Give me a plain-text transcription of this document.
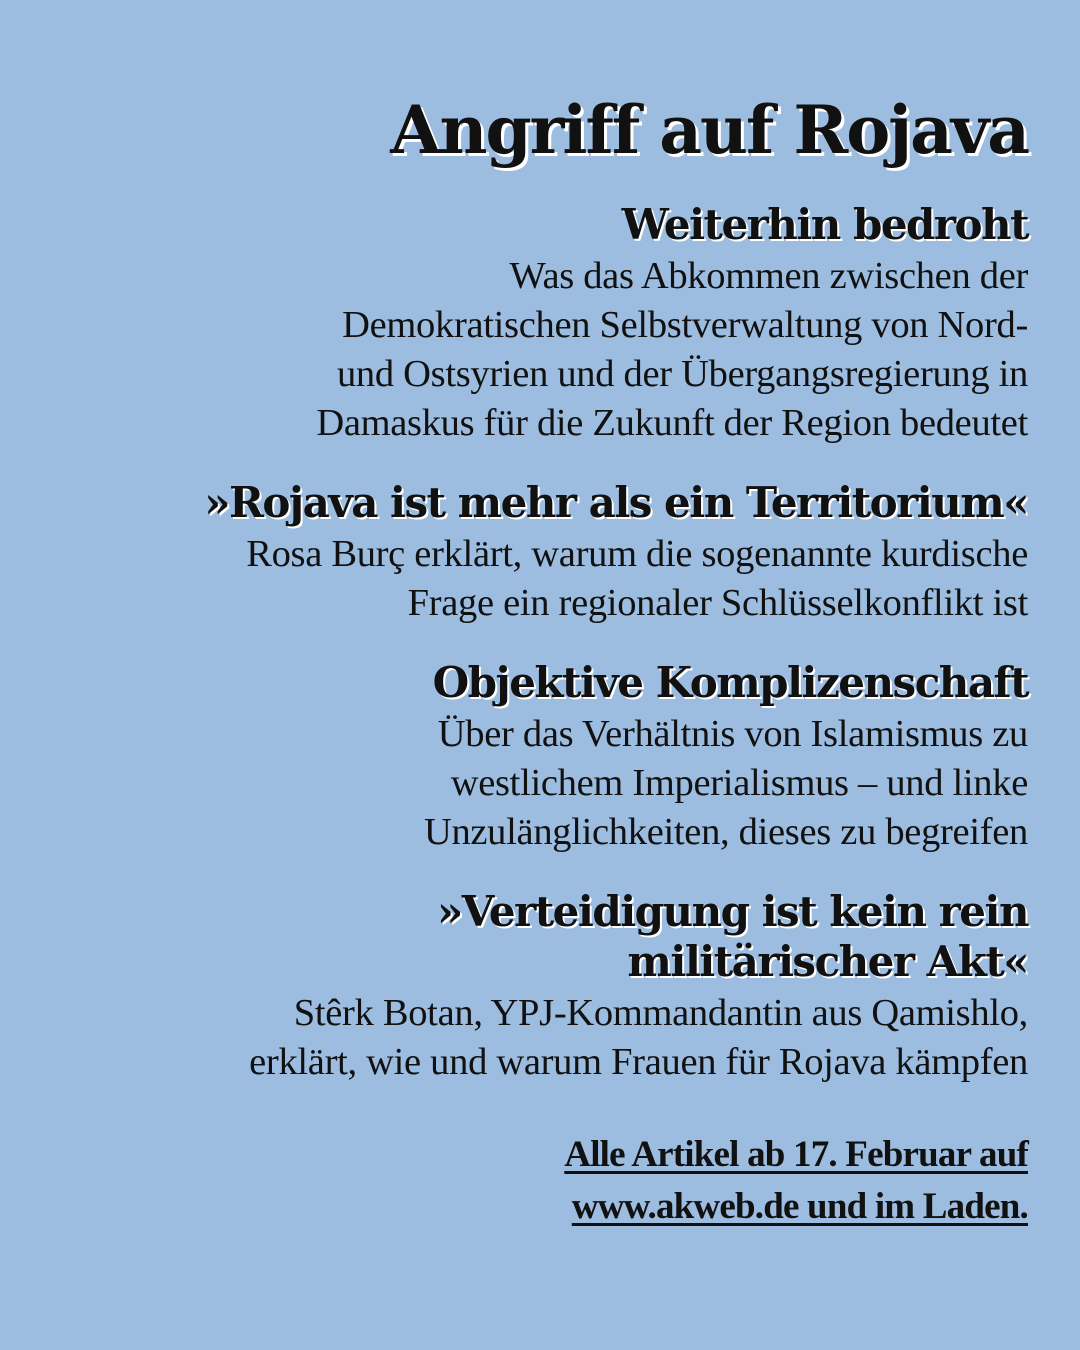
Angriff auf Rojava
Weiterhin bedroht

Was das Abkommen zwischen der
Demokratischen Selbstverwaltung von Nord-
und Ostsyrien und der Übergangsregierung in
Damaskus für die Zukunft der Region bedeutet

»Rojava ist mehr als ein Territorium«

Rosa Burç erklärt, warum die sogenannte kurdische
Frage ein regionaler Schlüsselkonflikt ist

Objektive Komplizenschaft

Über das Verhältnis von Islamismus zu
westlichem Imperialismus – und linke
Unzulänglichkeiten, dieses zu begreifen

»Verteidigung ist kein rein
militärischer Akt«

Stêrk Botan, YPJ-Kommandantin aus Qamishlo,
erklärt, wie und warum Frauen für Rojava kämpfen

Alle Artikel ab 17. Februar auf
www.akweb.de und im Laden.
